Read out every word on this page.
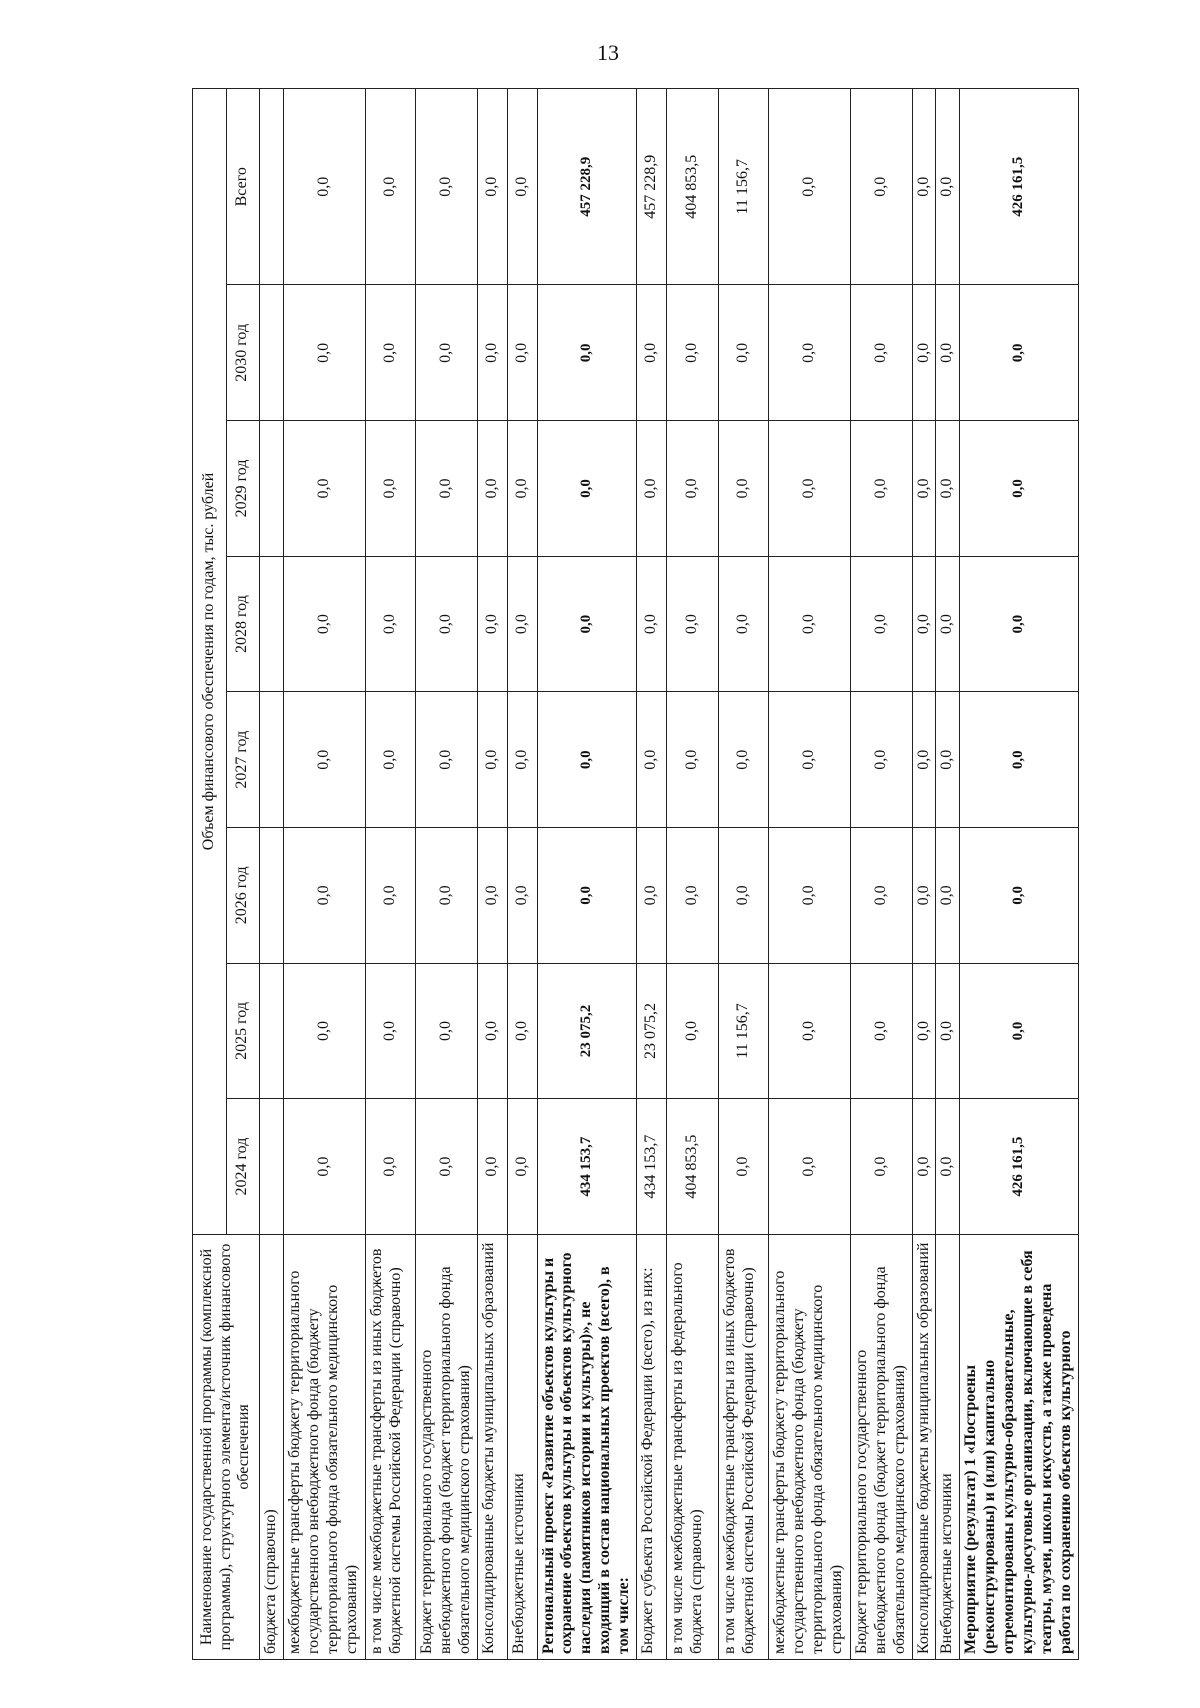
13
Наименование государственной программы (комплексной программы), структурного элемента/источник финансового обеспечения	Объем финансового обеспечения по годам, тыс. рублей							
	2024 год	2025 год	2026 год	2027 год	2028 год	2029 год	2030 год	Всего
бюджета (справочно)								
межбюджетные трансферты бюджету территориального государственного внебюджетного фонда (бюджету территориального фонда обязательного медицинского страхования)	0,0	0,0	0,0	0,0	0,0	0,0	0,0	0,0
в том числе межбюджетные трансферты из иных бюджетов бюджетной системы Российской Федерации (справочно)	0,0	0,0	0,0	0,0	0,0	0,0	0,0	0,0
Бюджет территориального государственного внебюджетного фонда (бюджет территориального фонда обязательного медицинского страхования)	0,0	0,0	0,0	0,0	0,0	0,0	0,0	0,0
Консолидированные бюджеты муниципальных образований	0,0	0,0	0,0	0,0	0,0	0,0	0,0	0,0
Внебюджетные источники	0,0	0,0	0,0	0,0	0,0	0,0	0,0	0,0
Региональный проект «Развитие объектов культуры и сохранение объектов культуры и объектов культурного наследия (памятников истории и культуры)», не входящий в состав национальных проектов (всего), в том числе:	434 153,7	23 075,2	0,0	0,0	0,0	0,0	0,0	457 228,9
Бюджет субъекта Российской Федерации (всего), из них:	434 153,7	23 075,2	0,0	0,0	0,0	0,0	0,0	457 228,9
в том числе межбюджетные трансферты из федерального бюджета (справочно)	404 853,5	0,0	0,0	0,0	0,0	0,0	0,0	404 853,5
в том числе межбюджетные трансферты из иных бюджетов бюджетной системы Российской Федерации (справочно)	0,0	11 156,7	0,0	0,0	0,0	0,0	0,0	11 156,7
межбюджетные трансферты бюджету территориального государственного внебюджетного фонда (бюджету территориального фонда обязательного медицинского страхования)	0,0	0,0	0,0	0,0	0,0	0,0	0,0	0,0
Бюджет территориального государственного внебюджетного фонда (бюджет территориального фонда обязательного медицинского страхования)	0,0	0,0	0,0	0,0	0,0	0,0	0,0	0,0
Консолидированные бюджеты муниципальных образований	0,0	0,0	0,0	0,0	0,0	0,0	0,0	0,0
Внебюджетные источники	0,0	0,0	0,0	0,0	0,0	0,0	0,0	0,0
Мероприятие (результат) 1 «Построены (реконструированы) и (или) капитально отремонтированы культурно-образовательные, культурно-досуговые организации, включающие в себя театры, музеи, школы искусств, а также проведена работа по сохранению объектов культурного	426 161,5	0,0	0,0	0,0	0,0	0,0	0,0	426 161,5
